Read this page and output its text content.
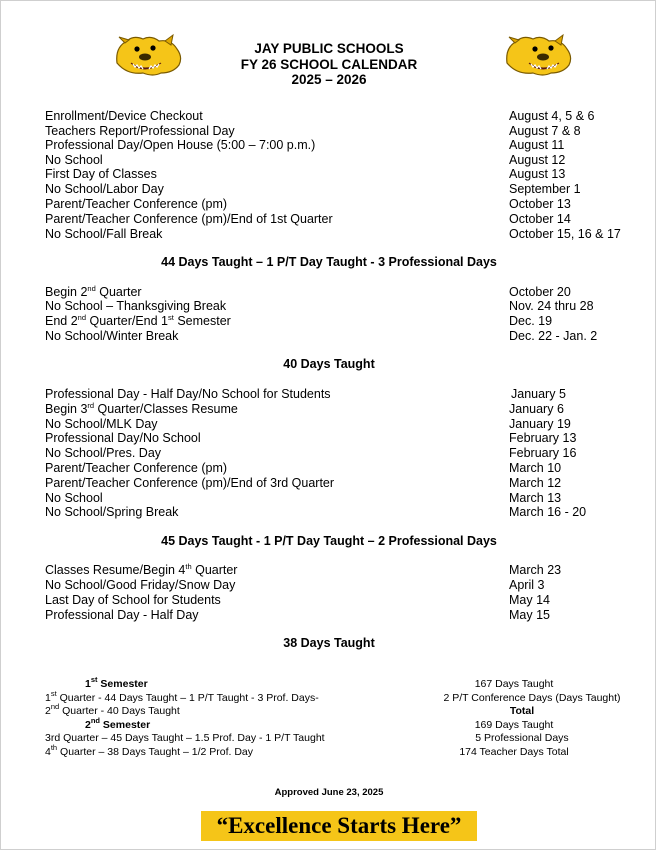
JAY PUBLIC SCHOOLS
FY 26 SCHOOL CALENDAR
2025 – 2026
Enrollment/Device Checkout	August 4, 5 & 6
Teachers Report/Professional Day	August 7 & 8
Professional Day/Open House (5:00 – 7:00 p.m.)	August 11
No School	August 12
First Day of Classes	August 13
No School/Labor Day	September 1
Parent/Teacher Conference (pm)	October 13
Parent/Teacher Conference (pm)/End of 1st Quarter	October 14
No School/Fall Break	October 15, 16 & 17
44 Days Taught – 1 P/T Day Taught - 3 Professional Days
Begin 2nd Quarter	October 20
No School – Thanksgiving Break	Nov. 24 thru 28
End 2nd Quarter/End 1st Semester	Dec. 19
No School/Winter Break	Dec. 22 - Jan. 2
40 Days Taught
Professional Day - Half Day/No School for Students	January 5
Begin 3rd Quarter/Classes Resume	January 6
No School/MLK Day	January 19
Professional Day/No School	February 13
No School/Pres. Day	February 16
Parent/Teacher Conference (pm)	March 10
Parent/Teacher Conference (pm)/End of 3rd Quarter	March 12
No School	March 13
No School/Spring Break	March 16 - 20
45 Days Taught - 1 P/T Day Taught – 2 Professional Days
Classes Resume/Begin 4th Quarter	March 23
No School/Good Friday/Snow Day	April 3
Last Day of School for Students	May 14
Professional Day - Half Day	May 15
38 Days Taught
1st Semester
1st Quarter - 44 Days Taught – 1 P/T Taught - 3 Prof. Days-
2nd Quarter - 40 Days Taught
2nd Semester
3rd Quarter – 45 Days Taught – 1.5 Prof. Day - 1 P/T Taught
4th Quarter – 38 Days Taught – 1/2 Prof. Day
167 Days Taught
2 P/T Conference Days (Days Taught)
Total
169 Days Taught
5 Professional Days
174 Teacher Days Total
Approved June 23, 2025
“Excellence Starts Here”
